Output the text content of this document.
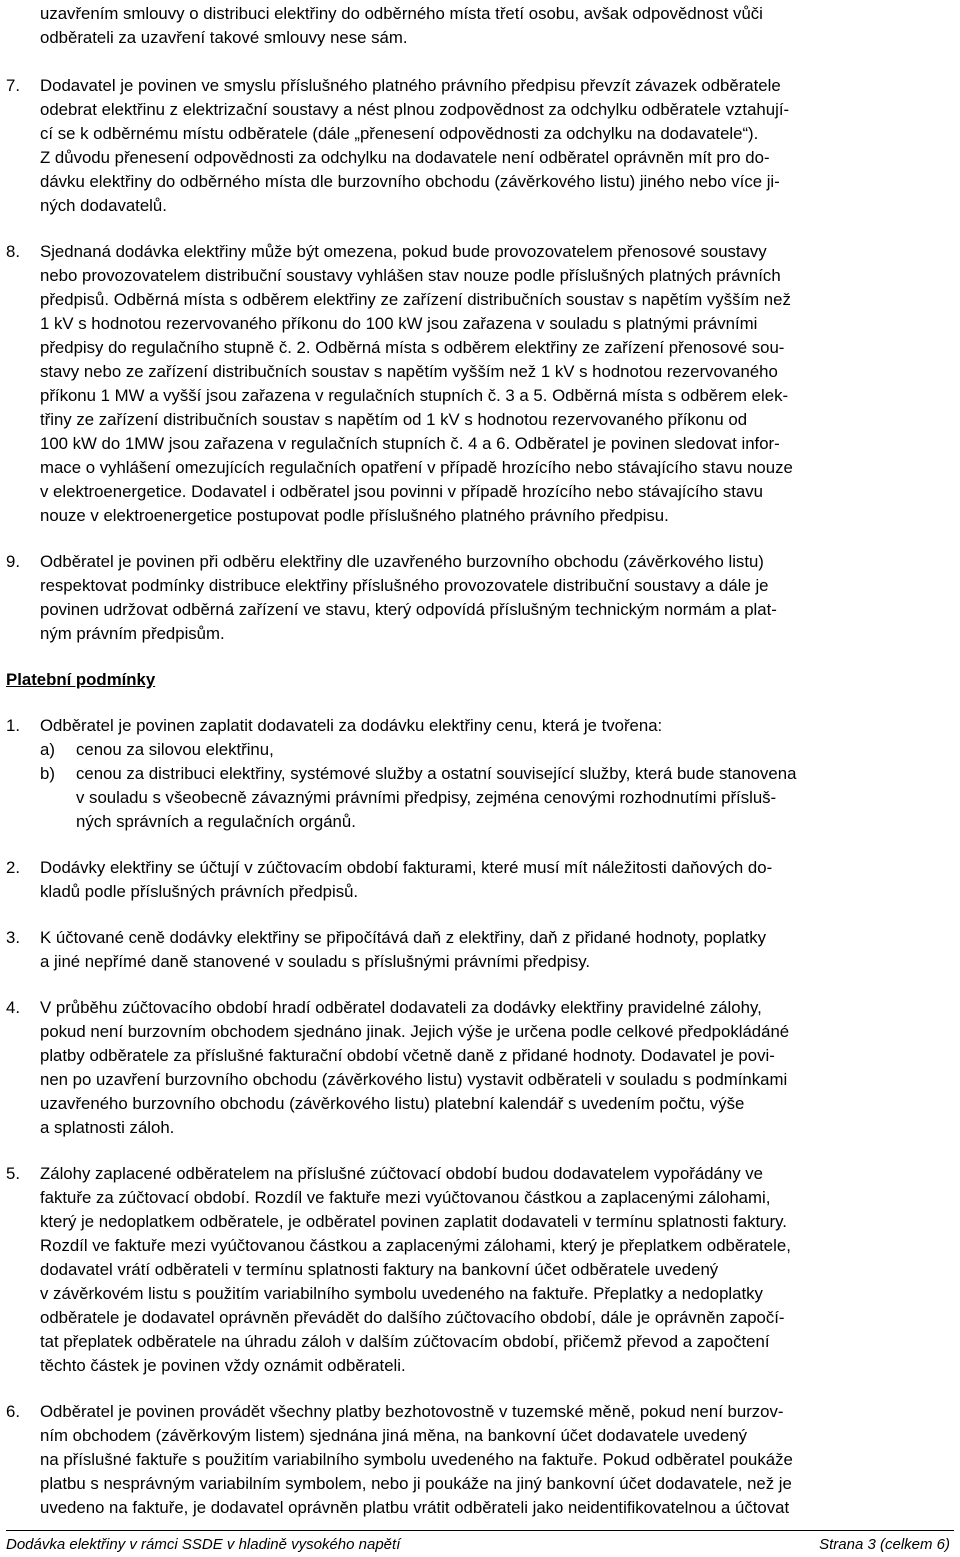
uzavřením smlouvy o distribuci elektřiny do odběrného místa třetí osobu, avšak odpovědnost vůči
odběrateli za uzavření takové smlouvy nese sám.
7. Dodavatel je povinen ve smyslu příslušného platného právního předpisu převzít závazek odběratele
odebrat elektřinu z elektrizační soustavy a nést plnou zodpovědnost za odchylku odběratele vztahují-
cí se k odběrnému místu odběratele (dále „přenesení odpovědnosti za odchylku na dodavatele“).
Z důvodu přenesení odpovědnosti za odchylku na dodavatele není odběratel oprávněn mít pro do-
dávku elektřiny do odběrného místa dle burzovního obchodu (závěrkového listu) jiného nebo více ji-
ných dodavatelů.
8. Sjednaná dodávka elektřiny může být omezena, pokud bude provozovatelem přenosové soustavy
nebo provozovatelem distribuční soustavy vyhlášen stav nouze podle příslušných platných právních
předpisů. Odběrná místa s odběrem elektřiny ze zařízení distribučních soustav s napětím vyšším než
1 kV s hodnotou rezervovaného příkonu do 100 kW jsou zařazena v souladu s platnými právními
předpisy do regulačního stupně č. 2. Odběrná místa s odběrem elektřiny ze zařízení přenosové sou-
stavy nebo ze zařízení distribučních soustav s napětím vyšším než 1 kV s hodnotou rezervovaného
příkonu 1 MW a vyšší jsou zařazena v regulačních stupních č. 3 a 5. Odběrná místa s odběrem elek-
třiny ze zařízení distribučních soustav s napětím od 1 kV s hodnotou rezervovaného příkonu od
100 kW do 1MW jsou zařazena v regulačních stupních č. 4 a 6. Odběratel je povinen sledovat infor-
mace o vyhlášení omezujících regulačních opatření v případě hrozícího nebo stávajícího stavu nouze
v elektroenergetice. Dodavatel i odběratel jsou povinni v případě hrozícího nebo stávajícího stavu
nouze v elektroenergetice postupovat podle příslušného platného právního předpisu.
9. Odběratel je povinen při odběru elektřiny dle uzavřeného burzovního obchodu (závěrkového listu)
respektovat podmínky distribuce elektřiny příslušného provozovatele distribuční soustavy a dále je
povinen udržovat odběrná zařízení ve stavu, který odpovídá příslušným technickým normám a plat-
ným právním předpisům.
Platební podmínky
1. Odběratel je povinen zaplatit dodavateli za dodávku elektřiny cenu, která je tvořena:
a) cenou za silovou elektřinu,
b) cenou za distribuci elektřiny, systémové služby a ostatní související služby, která bude stanovena
v souladu s všeobecně závaznými právními předpisy, zejména cenovými rozhodnutími přísluš-
ných správních a regulačních orgánů.
2. Dodávky elektřiny se účtují v zúčtovacím období fakturami, které musí mít náležitosti daňových do-
kladů podle příslušných právních předpisů.
3. K účtované ceně dodávky elektřiny se připočítává daň z elektřiny, daň z přidané hodnoty, poplatky
a jiné nepřímé daně stanovené v souladu s příslušnými právními předpisy.
4. V průběhu zúčtovacího období hradí odběratel dodavateli za dodávky elektřiny pravidelné zálohy,
pokud není burzovním obchodem sjednáno jinak. Jejich výše je určena podle celkové předpokládáné
platby odběratele za příslušné fakturační období včetně daně z přidané hodnoty. Dodavatel je povi-
nen po uzavření burzovního obchodu (závěrkového listu) vystavit odběrateli v souladu s podmínkami
uzavřeného burzovního obchodu (závěrkového listu) platební kalendář s uvedením počtu, výše
a splatnosti záloh.
5. Zálohy zaplacené odběratelem na příslušné zúčtovací období budou dodavatelem vypořádány ve
faktuře za zúčtovací období. Rozdíl ve faktuře mezi vyúčtovanou částkou a zaplacenými zálohami,
který je nedoplatkem odběratele, je odběratel povinen zaplatit dodavateli v termínu splatnosti faktury.
Rozdíl ve faktuře mezi vyúčtovanou částkou a zaplacenými zálohami, který je přeplatkem odběratele,
dodavatel vrátí odběrateli v termínu splatnosti faktury na bankovní účet odběratele uvedený
v závěrkovém listu s použitím variabilního symbolu uvedeného na faktuře. Přeplatky a nedoplatky
odběratele je dodavatel oprávněn převádět do dalšího zúčtovacího období, dále je oprávněn započí-
tat přeplatek odběratele na úhradu záloh v dalším zúčtovacím období, přičemž převod a započtení
těchto částek je povinen vždy oznámit odběrateli.
6. Odběratel je povinen provádět všechny platby bezhotovostně v tuzemské měně, pokud není burzov-
ním obchodem (závěrkovým listem) sjednána jiná měna, na bankovní účet dodavatele uvedený
na příslušné faktuře s použitím variabilního symbolu uvedeného na faktuře. Pokud odběratel poukáže
platbu s nesprávným variabilním symbolem, nebo ji poukáže na jiný bankovní účet dodavatele, než je
uvedeno na faktuře, je dodavatel oprávněn platbu vrátit odběrateli jako neidentifikovatelnou a účtovat
Dodávka elektřiny v rámci SSDE v hladině vysokého napětí	Strana 3 (celkem 6)
